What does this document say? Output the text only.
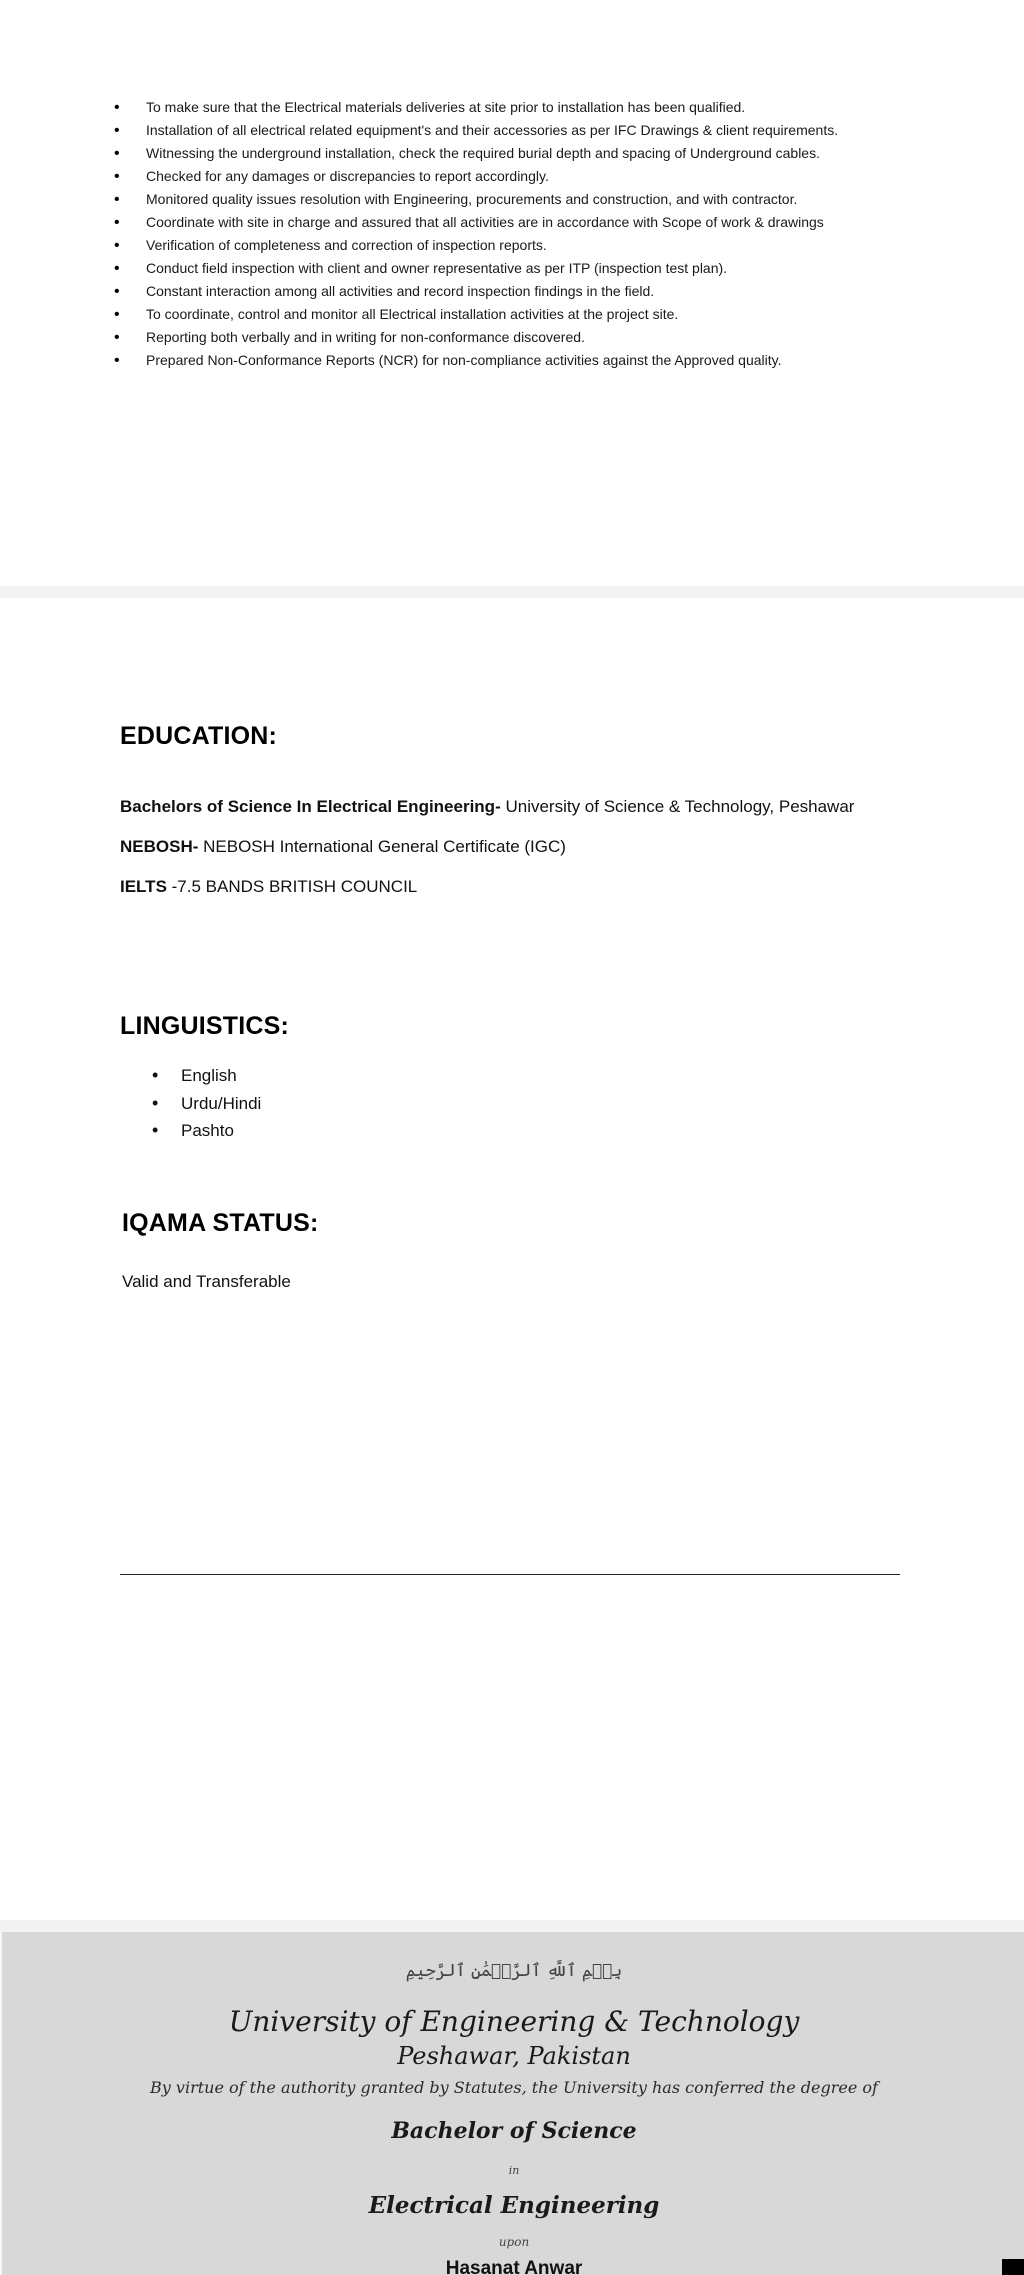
• To make sure that the Electrical materials deliveries at site prior to installation has been qualified.
• Installation of all electrical related equipment's and their accessories as per IFC Drawings & client requirements.
• Witnessing the underground installation, check the required burial depth and spacing of Underground cables.
• Checked for any damages or discrepancies to report accordingly.
• Monitored quality issues resolution with Engineering, procurements and construction, and with contractor.
• Coordinate with site in charge and assured that all activities are in accordance with Scope of work & drawings
• Verification of completeness and correction of inspection reports.
• Conduct field inspection with client and owner representative as per ITP (inspection test plan).
• Constant interaction among all activities and record inspection findings in the field.
• To coordinate, control and monitor all Electrical installation activities at the project site.
• Reporting both verbally and in writing for non-conformance discovered.
• Prepared Non-Conformance Reports (NCR) for non-compliance activities against the Approved quality.
EDUCATION:

Bachelors of Science In Electrical Engineering- University of Science & Technology, Peshawar

NEBOSH- NEBOSH International General Certificate (IGC)

IELTS -7.5 BANDS BRITISH COUNCIL

LINGUISTICS:
• English
• Urdu/Hindi
• Pashto
IQAMA STATUS:

Valid and Transferable

بِسۡمِ ٱللَّهِ ٱلرَّحۡمَٰنِ ٱلرَّحِيمِ
University of Engineering & Technology
Peshawar, Pakistan
By virtue of the authority granted by Statutes, the University has conferred the degree of
Bachelor of Science
in
Electrical Engineering
upon
Hasanat Anwar
